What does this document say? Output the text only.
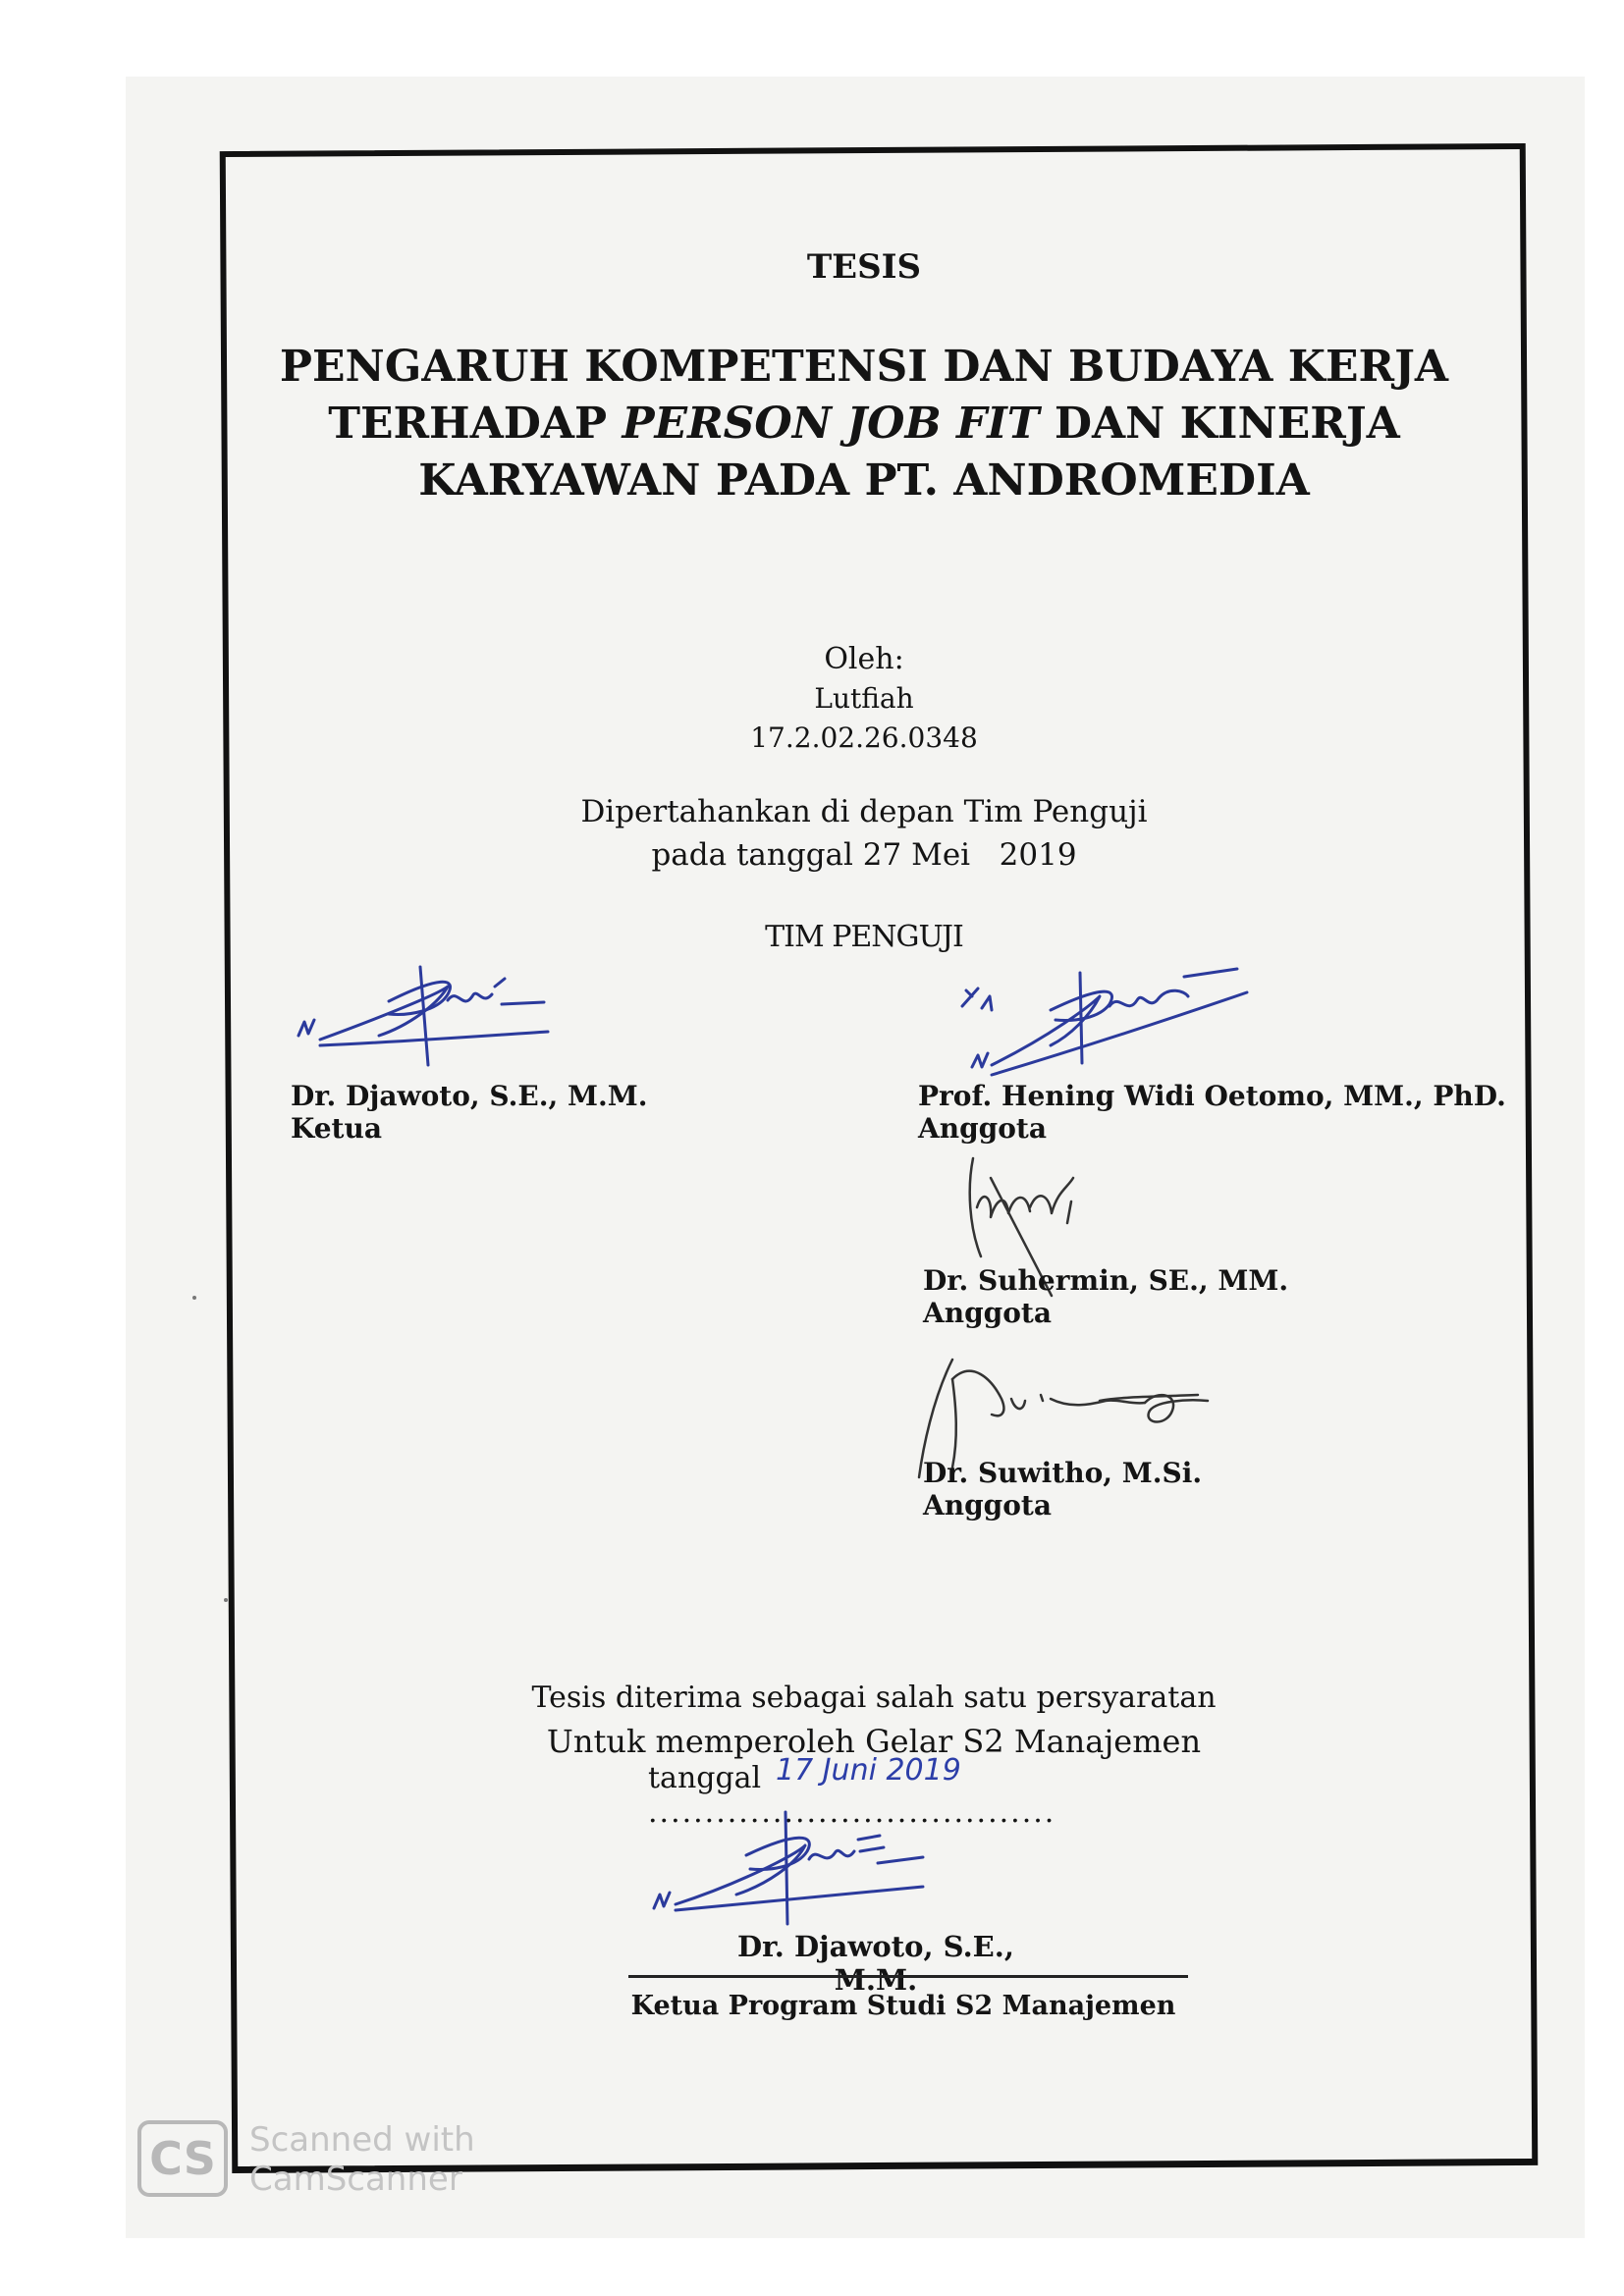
TESIS
PENGARUH KOMPETENSI DAN BUDAYA KERJA
TERHADAP PERSON JOB FIT DAN KINERJA
KARYAWAN PADA PT. ANDROMEDIA
Oleh:
Lutfiah
17.2.02.26.0348
Dipertahankan di depan Tim Penguji
pada tanggal 27 Mei   2019
TIM PENGUJI
Dr. Djawoto, S.E., M.M.
Ketua
Prof. Hening Widi Oetomo, MM., PhD.
Anggota
Dr. Suhermin, SE., MM.
Anggota
Dr. Suwitho, M.Si.
Anggota
Tesis diterima sebagai salah satu persyaratan
Untuk memperoleh Gelar S2 Manajemen
tanggal ....................................
17 Juni 2019
Dr. Djawoto, S.E., M.M.
Ketua Program Studi S2 Manajemen
CS	Scanned with
CamScanner
